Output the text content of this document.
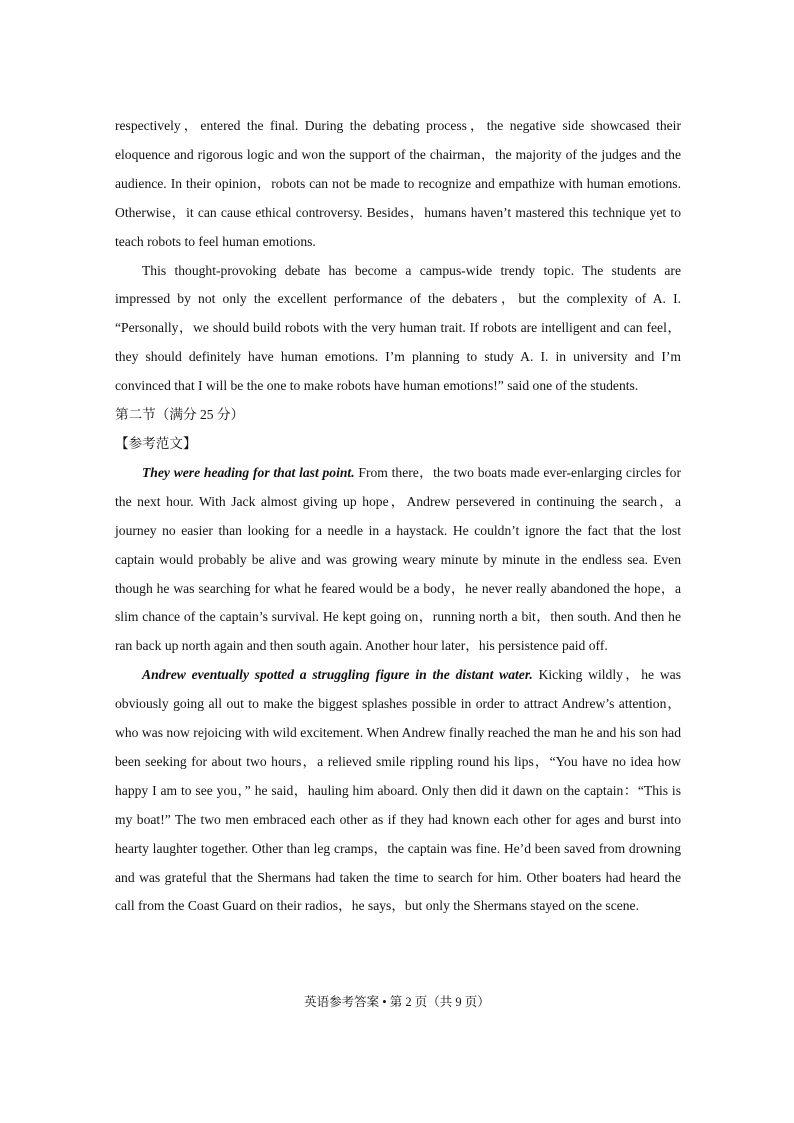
respectively，entered the final. During the debating process，the negative side showcased their eloquence and rigorous logic and won the support of the chairman，the majority of the judges and the audience. In their opinion，robots can not be made to recognize and empathize with human emotions. Otherwise，it can cause ethical controversy. Besides，humans haven’t mastered this technique yet to teach robots to feel human emotions.

This thought-provoking debate has become a campus-wide trendy topic. The students are impressed by not only the excellent performance of the debaters，but the complexity of A. I. “Personally，we should build robots with the very human trait. If robots are intelligent and can feel，they should definitely have human emotions. I’m planning to study A. I. in university and I’m convinced that I will be the one to make robots have human emotions!” said one of the students.

第二节（满分 25 分）

【参考范文】

They were heading for that last point. From there，the two boats made ever-enlarging circles for the next hour. With Jack almost giving up hope，Andrew persevered in continuing the search，a journey no easier than looking for a needle in a haystack. He couldn’t ignore the fact that the lost captain would probably be alive and was growing weary minute by minute in the endless sea. Even though he was searching for what he feared would be a body，he never really abandoned the hope，a slim chance of the captain’s survival. He kept going on，running north a bit，then south. And then he ran back up north again and then south again. Another hour later，his persistence paid off.

Andrew eventually spotted a struggling figure in the distant water. Kicking wildly，he was obviously going all out to make the biggest splashes possible in order to attract Andrew’s attention，who was now rejoicing with wild excitement. When Andrew finally reached the man he and his son had been seeking for about two hours，a relieved smile rippling round his lips，“You have no idea how happy I am to see you，” he said，hauling him aboard. Only then did it dawn on the captain：“This is my boat!” The two men embraced each other as if they had known each other for ages and burst into hearty laughter together. Other than leg cramps，the captain was fine. He’d been saved from drowning and was grateful that the Shermans had taken the time to search for him. Other boaters had heard the call from the Coast Guard on their radios，he says，but only the Shermans stayed on the scene.

英语参考答案 • 第 2 页（共 9 页）
